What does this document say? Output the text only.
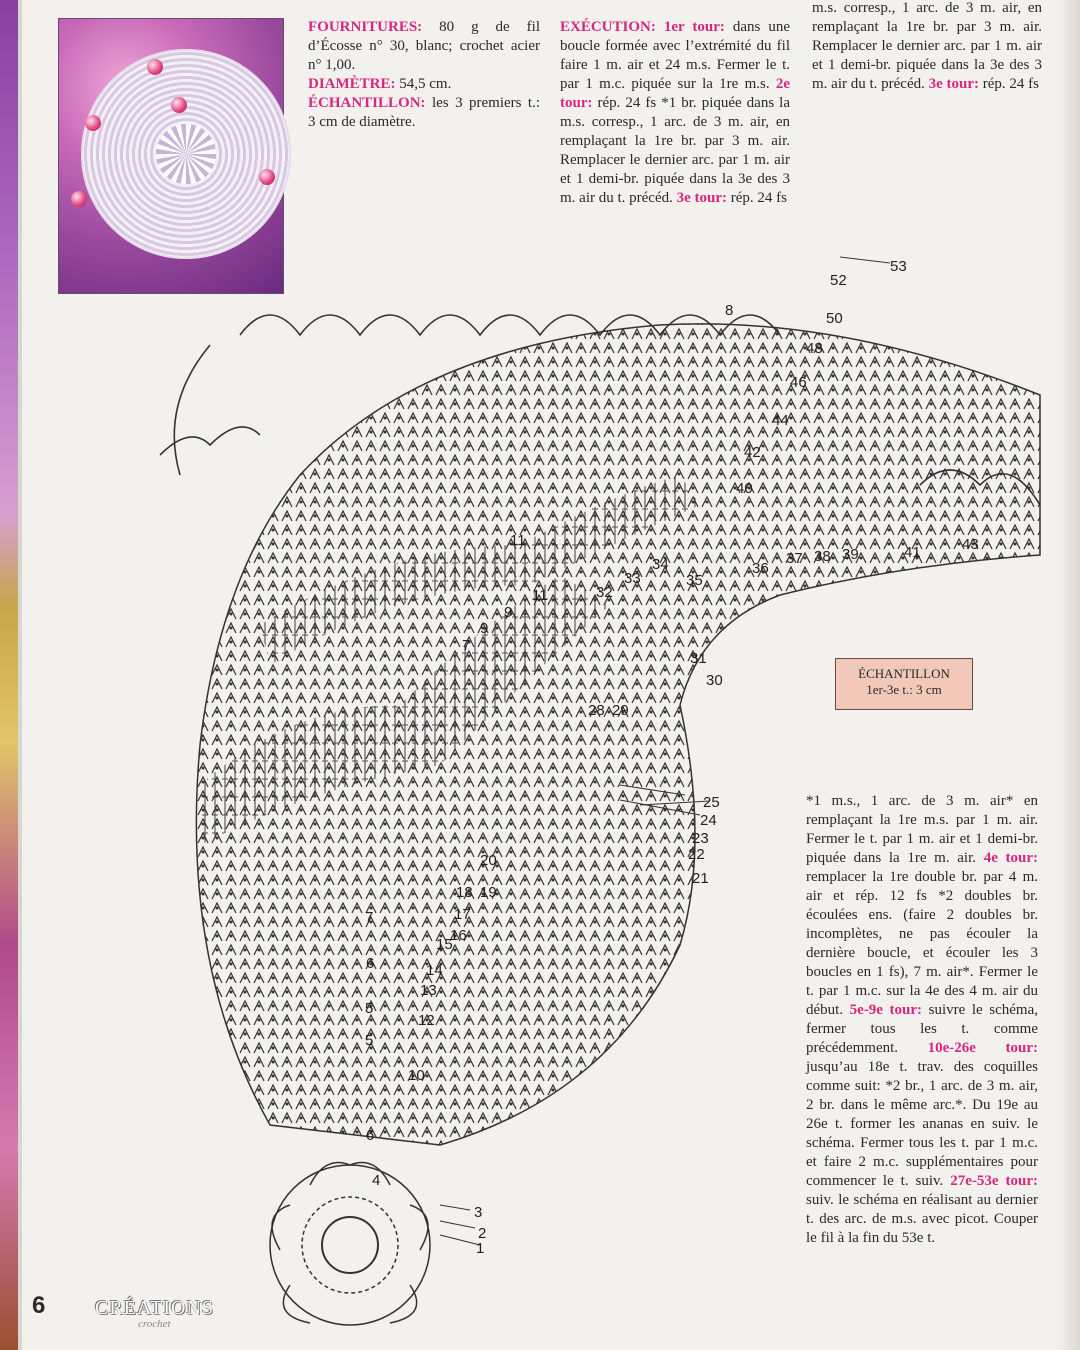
FOURNITURES: 80 g de fil d’Écosse n° 30, blanc; crochet acier n° 1,00.
DIAMÈTRE: 54,5 cm.
ÉCHANTILLON: les 3 premiers t.: 3 cm de diamètre.
EXÉCUTION: 1er tour: dans une boucle formée avec l’extrémité du fil faire 1 m. air et 24 m.s. Fermer le t. par 1 m.c. piquée sur la 1re m.s. 2e tour: rép. 24 fs *1 br. piquée dans la m.s. corresp., 1 arc. de 3 m. air, en remplaçant la 1re br. par 3 m. air. Remplacer le dernier arc. par 1 m. air et 1 demi-br. piquée dans la 3e des 3 m. air du t. précéd. 3e tour: rép. 24 fs
m.s. corresp., 1 arc. de 3 m. air, en remplaçant la 1re br. par 3 m. air. Remplacer le dernier arc. par 1 m. air et 1 demi-br. piquée dans la 3e des 3 m. air du t. précéd. 3e tour: rép. 24 fs
1
2
3
4
5
5
6
6
7
7
8
9
9
10
11
11
12
13
14
15
16
17
18 19
20
21
22
23
24
25
28 29
30
31
32
33
34
35
36
37 38 39
40
41
42
43
44
46
48
50
52
53
ÉCHANTILLON
1er-3e t.: 3 cm
*1 m.s., 1 arc. de 3 m. air* en remplaçant la 1re m.s. par 1 m. air. Fermer le t. par 1 m. air et 1 demi-br. piquée dans la 1re m. air. 4e tour: remplacer la 1re double br. par 4 m. air et rép. 12 fs *2 doubles br. écoulées ens. (faire 2 doubles br. incomplètes, ne pas écouler la dernière boucle, et écouler les 3 boucles en 1 fs), 7 m. air*. Fermer le t. par 1 m.c. sur la 4e des 4 m. air du début. 5e-9e tour: suivre le schéma, fermer tous les t. comme précédemment. 10e-26e tour: jusqu’au 18e t. trav. des coquilles comme suit: *2 br., 1 arc. de 3 m. air, 2 br. dans le même arc.*. Du 19e au 26e t. former les ananas en suiv. le schéma. Fermer tous les t. par 1 m.c. et faire 2 m.c. supplémentaires pour commencer le t. suiv. 27e-53e tour: suiv. le schéma en réalisant au dernier t. des arc. de m.s. avec picot. Couper le fil à la fin du 53e t.
6 CRÉATIONS
crochet
